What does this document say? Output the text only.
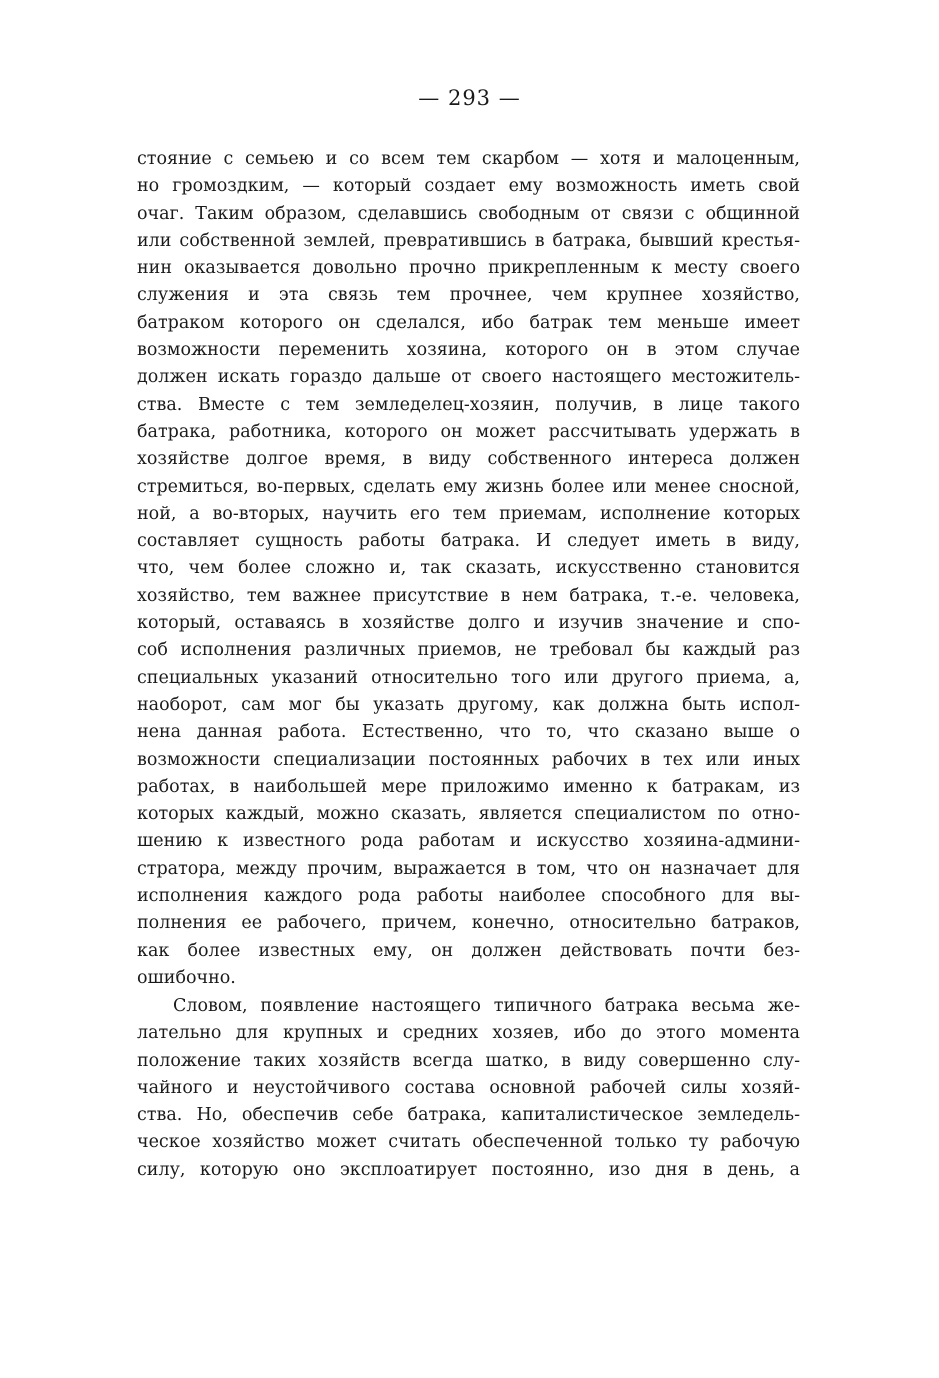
— 293 —
стояние с семьею и со всем тем скарбом — хотя и малоценным,
но громоздким, — который создает ему возможность иметь свой
очаг. Таким образом, сделавшись свободным от связи с общинной
или собственной землей, превратившись в батрака, бывший крестья-
нин оказывается довольно прочно прикрепленным к месту своего
служения и эта связь тем прочнее, чем крупнее хозяйство,
батраком которого он сделался, ибо батрак тем меньше имеет
возможности переменить хозяина, которого он в этом случае
должен искать гораздо дальше от своего настоящего местожитель-
ства. Вместе с тем земледелец-хозяин, получив, в лице такого
батрака, работника, которого он может рассчитывать удержать в
хозяйстве долгое время, в виду собственного интереса должен
стремиться, во-первых, сделать ему жизнь более или менее сносной,
ной, а во-вторых, научить его тем приемам, исполнение которых
составляет сущность работы батрака. И следует иметь в виду,
что, чем более сложно и, так сказать, искусственно становится
хозяйство, тем важнее присутствие в нем батрака, т.-е. человека,
который, оставаясь в хозяйстве долго и изучив значение и спо-
соб исполнения различных приемов, не требовал бы каждый раз
специальных указаний относительно того или другого приема, а,
наоборот, сам мог бы указать другому, как должна быть испол-
нена данная работа. Естественно, что то, что сказано выше о
возможности специализации постоянных рабочих в тех или иных
работах, в наибольшей мере приложимо именно к батракам, из
которых каждый, можно сказать, является специалистом по отно-
шению к известного рода работам и искусство хозяина-админи-
стратора, между прочим, выражается в том, что он назначает для
исполнения каждого рода работы наиболее способного для вы-
полнения ее рабочего, причем, конечно, относительно батраков,
как более известных ему, он должен действовать почти без-
ошибочно.
Словом, появление настоящего типичного батрака весьма же-
лательно для крупных и средних хозяев, ибо до этого момента
положение таких хозяйств всегда шатко, в виду совершенно слу-
чайного и неустойчивого состава основной рабочей силы хозяй-
ства. Но, обеспечив себе батрака, капиталистическое земледель-
ческое хозяйство может считать обеспеченной только ту рабочую
силу, которую оно эксплоатирует постоянно, изо дня в день, а
